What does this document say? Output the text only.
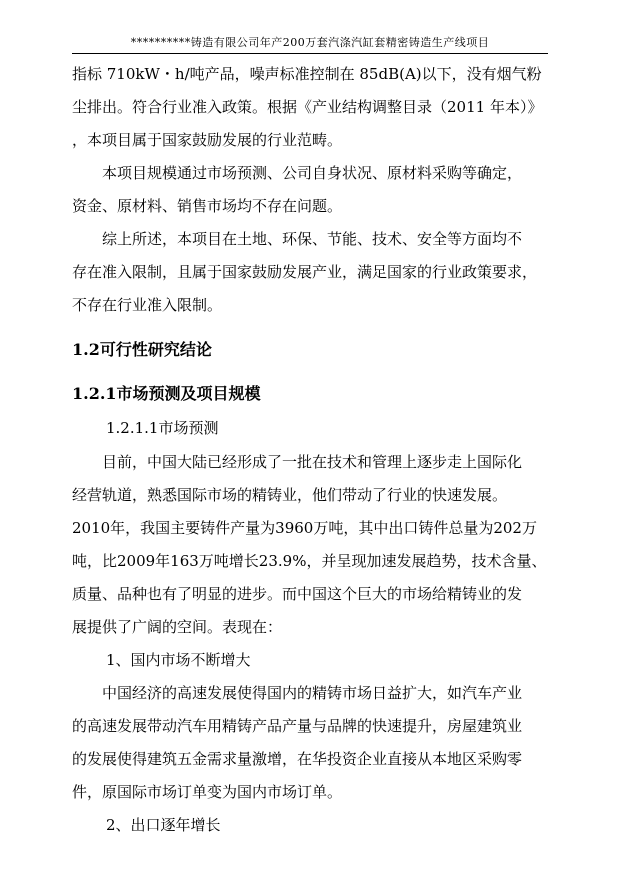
**********铸造有限公司年产200万套汽涤汽缸套精密铸造生产线项目
指标 710kW・h/吨产品，噪声标准控制在 85dB(A)以下，没有烟气粉
尘排出。符合行业准入政策。根据《产业结构调整目录（2011 年本）》
，本项目属于国家鼓励发展的行业范畴。
本项目规模通过市场预测、公司自身状况、原材料采购等确定，
资金、原材料、销售市场均不存在问题。
综上所述，本项目在土地、环保、节能、技术、安全等方面均不
存在准入限制，且属于国家鼓励发展产业，满足国家的行业政策要求，
不存在行业准入限制。
1.2可行性研究结论
1.2.1市场预测及项目规模
1.2.1.1市场预测
目前，中国大陆已经形成了一批在技术和管理上逐步走上国际化
经营轨道，熟悉国际市场的精铸业，他们带动了行业的快速发展。
2010年，我国主要铸件产量为3960万吨，其中出口铸件总量为202万
吨，比2009年163万吨增长23.9%，并呈现加速发展趋势，技术含量、
质量、品种也有了明显的进步。而中国这个巨大的市场给精铸业的发
展提供了广阔的空间。表现在：
1、国内市场不断增大
中国经济的高速发展使得国内的精铸市场日益扩大，如汽车产业
的高速发展带动汽车用精铸产品产量与品牌的快速提升，房屋建筑业
的发展使得建筑五金需求量激增，在华投资企业直接从本地区采购零
件，原国际市场订单变为国内市场订单。
2、出口逐年增长
